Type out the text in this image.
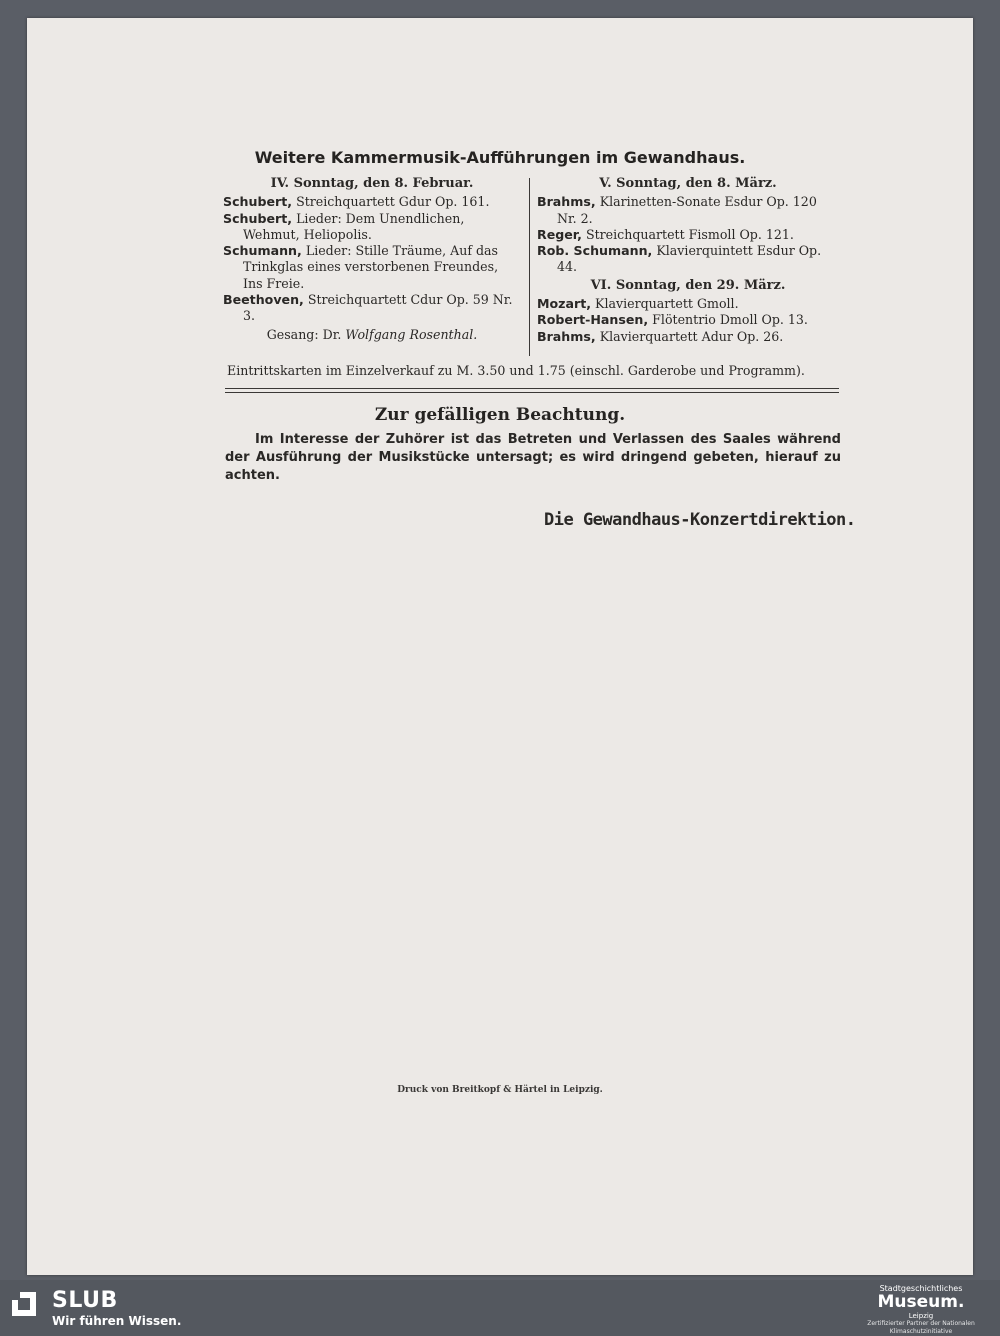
Weitere Kammermusik-Aufführungen im Gewandhaus.

IV. Sonntag, den 8. Februar.

Schubert, Streichquartett Gdur Op. 161.

Schubert, Lieder: Dem Unendlichen, Wehmut, Heliopolis.

Schumann, Lieder: Stille Träume, Auf das Trinkglas eines verstorbenen Freundes, Ins Freie.

Beethoven, Streichquartett Cdur Op. 59 Nr. 3.

Gesang: Dr. Wolfgang Rosenthal.

V. Sonntag, den 8. März.

Brahms, Klarinetten-Sonate Esdur Op. 120 Nr. 2.

Reger, Streichquartett Fismoll Op. 121.

Rob. Schumann, Klavierquintett Esdur Op. 44.

VI. Sonntag, den 29. März.

Mozart, Klavierquartett Gmoll.

Robert-Hansen, Flötentrio Dmoll Op. 13.

Brahms, Klavierquartett Adur Op. 26.

Eintrittskarten im Einzelverkauf zu M. 3.50 und 1.75 (einschl. Garderobe und Programm).
Zur gefälligen Beachtung.
Im Interesse der Zuhörer ist das Betreten und Verlassen des Saales während der Ausführung der Musikstücke untersagt; es wird dringend gebeten, hierauf zu achten.
Die Gewandhaus-Konzertdirektion.
Druck von Breitkopf & Härtel in Leipzig.
SLUB
Wir führen Wissen.
Stadtgeschichtliches
Museum.
Leipzig
Zertifizierter Partner der Nationalen Klimaschutzinitiative
